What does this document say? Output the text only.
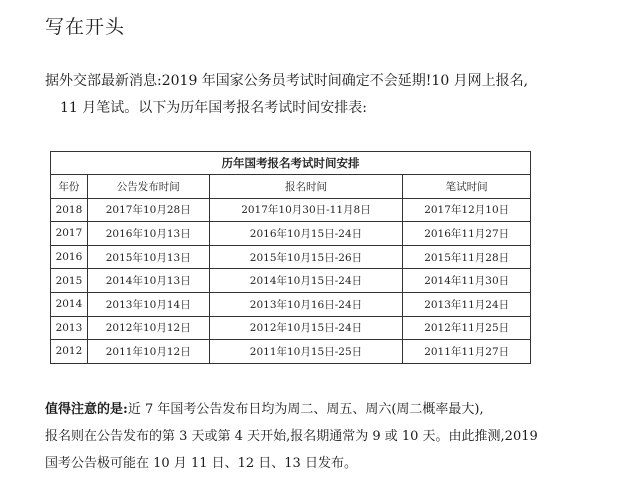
写在开头
据外交部最新消息:2019 年国家公务员考试时间确定不会延期!10 月网上报名,
11 月笔试。以下为历年国考报名考试时间安排表:
历年国考报名考试时间安排			
年份	公告发布时间	报名时间	笔试时间
2018	2017年10月28日	2017年10月30日-11月8日	2017年12月10日
2017	2016年10月13日	2016年10月15日-24日	2016年11月27日
2016	2015年10月13日	2015年10月15日-26日	2015年11月28日
2015	2014年10月13日	2014年10月15日-24日	2014年11月30日
2014	2013年10月14日	2013年10月16日-24日	2013年11月24日
2013	2012年10月12日	2012年10月15日-24日	2012年11月25日
2012	2011年10月12日	2011年10月15日-25日	2011年11月27日
值得注意的是:近 7 年国考公告发布日均为周二、周五、周六(周二概率最大),
报名则在公告发布的第 3 天或第 4 天开始,报名期通常为 9 或 10 天。由此推测,2019
国考公告极可能在 10 月 11 日、12 日、13 日发布。
